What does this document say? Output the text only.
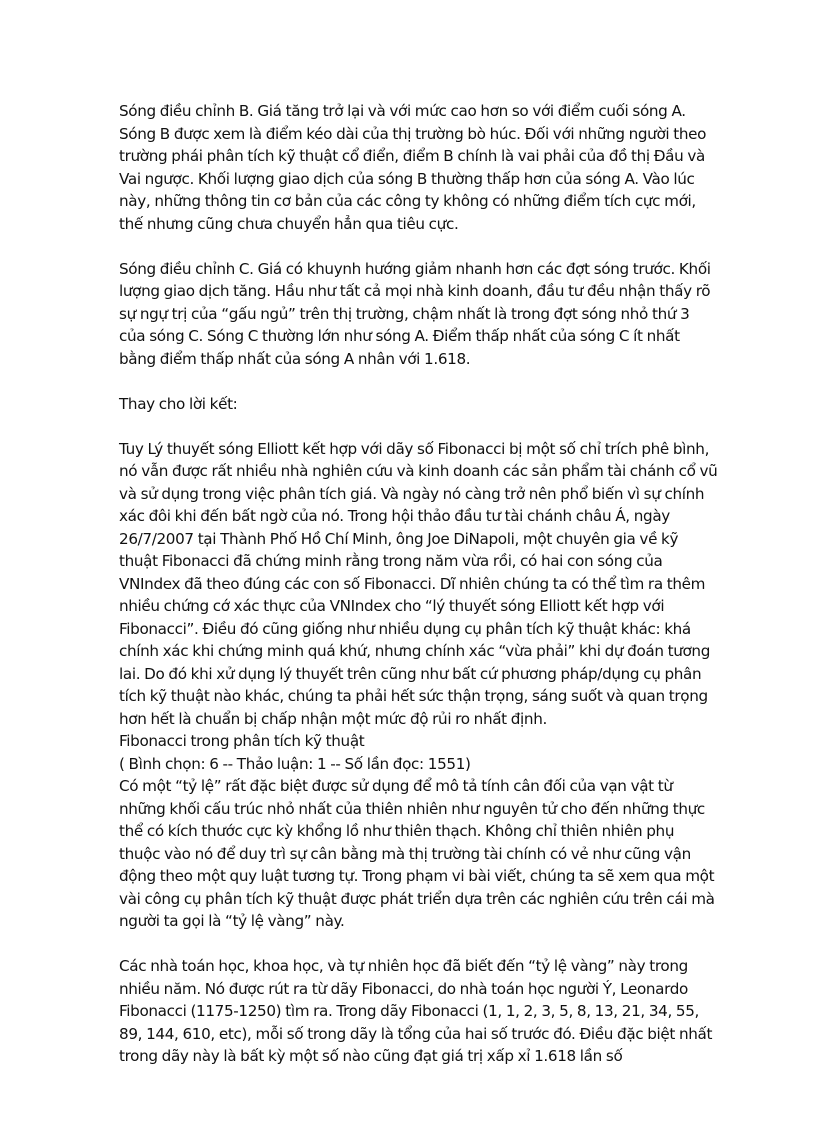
Sóng điều chỉnh B. Giá tăng trở lại và với mức cao hơn so với điểm cuối sóng A. Sóng B được xem là điểm kéo dài của thị trường bò húc. Đối với những người theo trường phái phân tích kỹ thuật cổ điển, điểm B chính là vai phải của đồ thị Đầu và Vai ngược. Khối lượng giao dịch của sóng B thường thấp hơn của sóng A. Vào lúc này, những thông tin cơ bản của các công ty không có những điểm tích cực mới, thế nhưng cũng chưa chuyển hẳn qua tiêu cực.

Sóng điều chỉnh C. Giá có khuynh hướng giảm nhanh hơn các đợt sóng trước. Khối lượng giao dịch tăng. Hầu như tất cả mọi nhà kinh doanh, đầu tư đều nhận thấy rõ sự ngự trị của “gấu ngủ” trên thị trường, chậm nhất là trong đợt sóng nhỏ thứ 3 của sóng C. Sóng C thường lớn như sóng A. Điểm thấp nhất của sóng C ít nhất bằng điểm thấp nhất của sóng A nhân với 1.618.

Thay cho lời kết:

Tuy Lý thuyết sóng Elliott kết hợp với dãy số Fibonacci bị một số chỉ trích phê bình, nó vẫn được rất nhiều nhà nghiên cứu và kinh doanh các sản phẩm tài chánh cổ vũ và sử dụng trong việc phân tích giá. Và ngày nó càng trở nên phổ biến vì sự chính xác đôi khi đến bất ngờ của nó. Trong hội thảo đầu tư tài chánh châu Á, ngày 26/7/2007 tại Thành Phố Hồ Chí Minh, ông Joe DiNapoli, một chuyên gia về kỹ thuật Fibonacci đã chứng minh rằng trong năm vừa rồi, có hai con sóng của VNIndex đã theo đúng các con số Fibonacci. Dĩ nhiên chúng ta có thể tìm ra thêm nhiều chứng cớ xác thực của VNIndex cho “lý thuyết sóng Elliott kết hợp với Fibonacci”. Điều đó cũng giống như nhiều dụng cụ phân tích kỹ thuật khác: khá chính xác khi chứng minh quá khứ, nhưng chính xác “vừa phải” khi dự đoán tương lai. Do đó khi xử dụng lý thuyết trên cũng như bất cứ phương pháp/dụng cụ phân tích kỹ thuật nào khác, chúng ta phải hết sức thận trọng, sáng suốt và quan trọng hơn hết là chuẩn bị chấp nhận một mức độ rủi ro nhất định.

Fibonacci trong phân tích kỹ thuật

( Bình chọn: 6 -- Thảo luận: 1 -- Số lần đọc: 1551)

Có một “tỷ lệ” rất đặc biệt được sử dụng để mô tả tính cân đối của vạn vật từ những khối cấu trúc nhỏ nhất của thiên nhiên như nguyên tử cho đến những thực thể có kích thước cực kỳ khổng lồ như thiên thạch. Không chỉ thiên nhiên phụ thuộc vào nó để duy trì sự cân bằng mà thị trường tài chính có vẻ như cũng vận động theo một quy luật tương tự. Trong phạm vi bài viết, chúng ta sẽ xem qua một vài công cụ phân tích kỹ thuật được phát triển dựa trên các nghiên cứu trên cái mà người ta gọi là “tỷ lệ vàng” này.

Các nhà toán học, khoa học, và tự nhiên học đã biết đến “tỷ lệ vàng” này trong nhiều năm. Nó được rút ra từ dãy Fibonacci, do nhà toán học người Ý, Leonardo Fibonacci (1175-1250) tìm ra. Trong dãy Fibonacci (1, 1, 2, 3, 5, 8, 13, 21, 34, 55, 89, 144, 610, etc), mỗi số trong dãy là tổng của hai số trước đó. Điều đặc biệt nhất trong dãy này là bất kỳ một số nào cũng đạt giá trị xấp xỉ 1.618 lần số
